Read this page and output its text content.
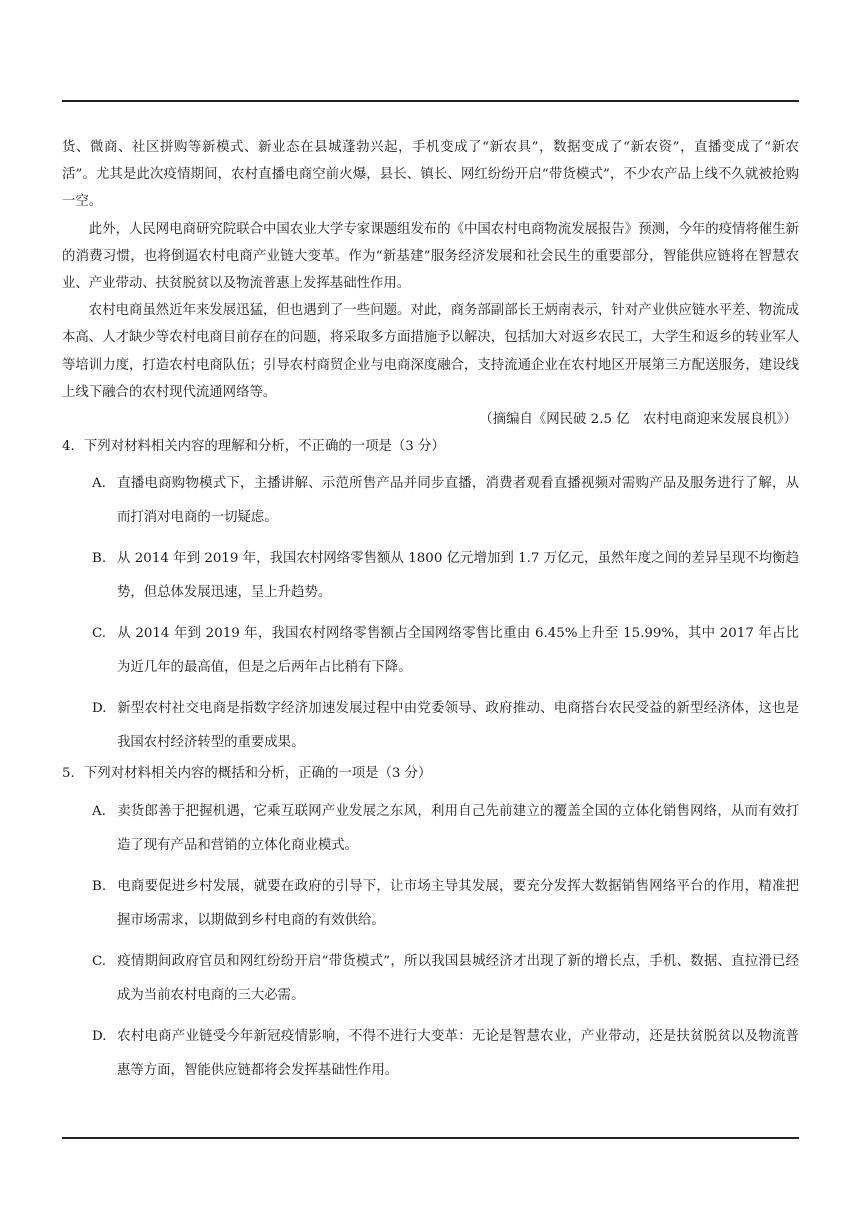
货、微商、社区拼购等新模式、新业态在县城蓬勃兴起，手机变成了“新农具”，数据变成了“新农资”，直播变成了“新农活”。尤其是此次疫情期间，农村直播电商空前火爆，县长、镇长、网红纷纷开启“带货模式”，不少农产品上线不久就被抢购一空。

此外，人民网电商研究院联合中国农业大学专家课题组发布的《中国农村电商物流发展报告》预测，今年的疫情将催生新的消费习惯，也将倒逼农村电商产业链大变革。作为“新基建”服务经济发展和社会民生的重要部分，智能供应链将在智慧农业、产业带动、扶贫脱贫以及物流普惠上发挥基础性作用。

农村电商虽然近年来发展迅猛，但也遇到了一些问题。对此，商务部副部长王炳南表示，针对产业供应链水平差、物流成本高、人才缺少等农村电商目前存在的问题，将采取多方面措施予以解决，包括加大对返乡农民工，大学生和返乡的转业军人等培训力度，打造农村电商队伍；引导农村商贸企业与电商深度融合，支持流通企业在农村地区开展第三方配送服务，建设线上线下融合的农村现代流通网络等。

（摘编自《网民破 2.5 亿　农村电商迎来发展良机》）

4．下列对材料相关内容的理解和分析，不正确的一项是（3 分）

A. 直播电商购物模式下，主播讲解、示范所售产品并同步直播，消费者观看直播视频对需购产品及服务进行了解，从而打消对电商的一切疑虑。

B. 从 2014 年到 2019 年，我国农村网络零售额从 1800 亿元增加到 1.7 万亿元，虽然年度之间的差异呈现不均衡趋势，但总体发展迅速，呈上升趋势。

C. 从 2014 年到 2019 年，我国农村网络零售额占全国网络零售比重由 6.45%上升至 15.99%，其中 2017 年占比为近几年的最高值，但是之后两年占比稍有下降。

D. 新型农村社交电商是指数字经济加速发展过程中由党委领导、政府推动、电商搭台农民受益的新型经济体，这也是我国农村经济转型的重要成果。

5．下列对材料相关内容的概括和分析，正确的一项是（3 分）

A. 卖货郎善于把握机遇，它乘互联网产业发展之东风，利用自己先前建立的覆盖全国的立体化销售网络，从而有效打造了现有产品和营销的立体化商业模式。

B. 电商要促进乡村发展，就要在政府的引导下，让市场主导其发展，要充分发挥大数据销售网络平台的作用，精准把握市场需求，以期做到乡村电商的有效供给。

C. 疫情期间政府官员和网红纷纷开启“带货模式”，所以我国县城经济才出现了新的增长点，手机、数据、直拉滑已经成为当前农村电商的三大必需。

D. 农村电商产业链受今年新冠疫情影响，不得不进行大变革：无论是智慧农业，产业带动，还是扶贫脱贫以及物流普惠等方面，智能供应链都将会发挥基础性作用。
